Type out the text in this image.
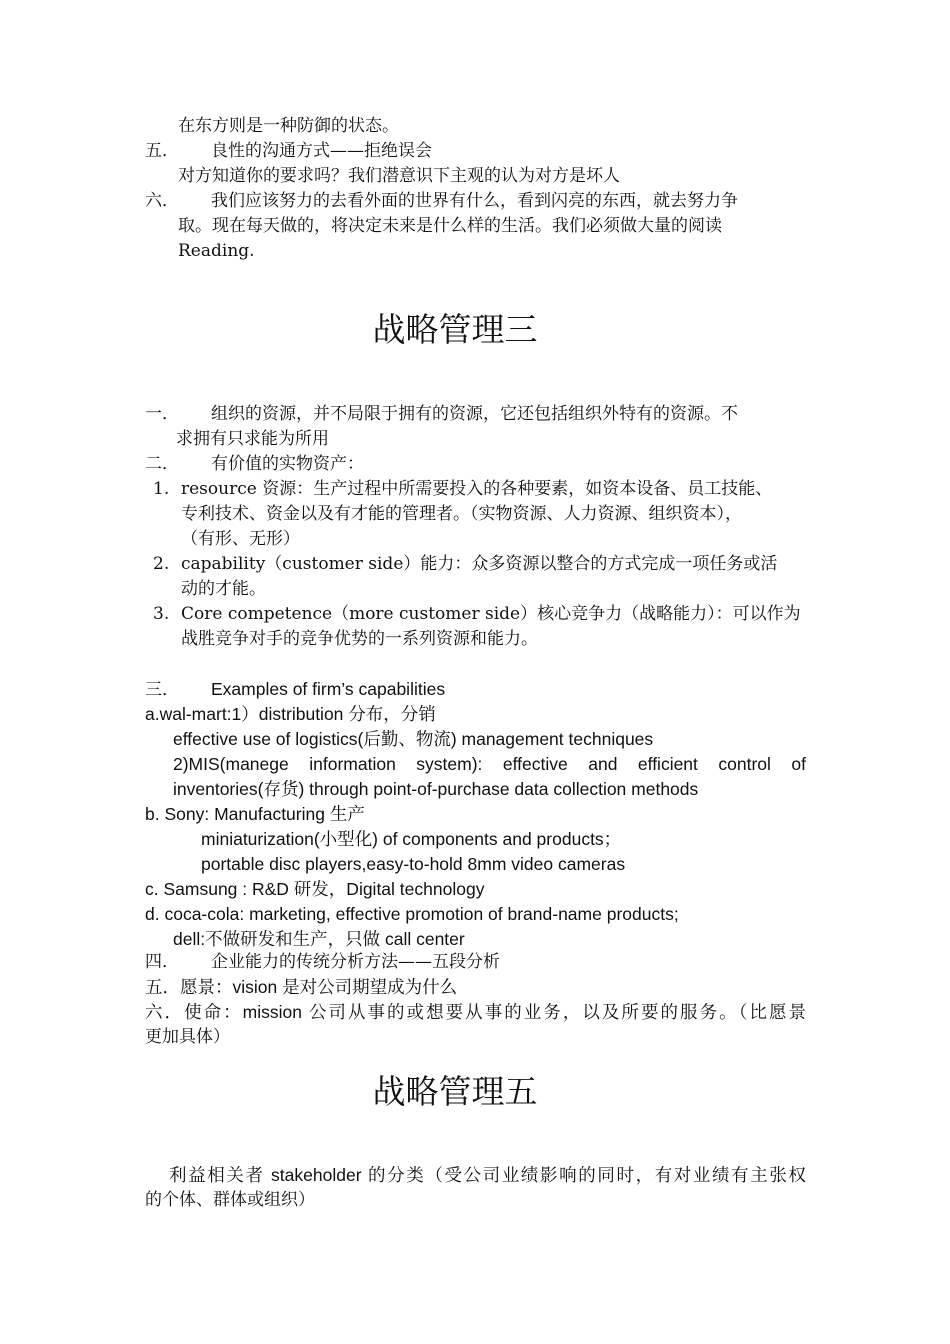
在东方则是一种防御的状态。
五． 良性的沟通方式——拒绝误会
对方知道你的要求吗？我们潜意识下主观的认为对方是坏人
六． 我们应该努力的去看外面的世界有什么，看到闪亮的东西，就去努力争
取。现在每天做的，将决定未来是什么样的生活。我们必须做大量的阅读
Reading.
战略管理三
一． 组织的资源，并不局限于拥有的资源，它还包括组织外特有的资源。不
求拥有只求能为所用
二． 有价值的实物资产：
1. resource 资源：生产过程中所需要投入的各种要素，如资本设备、员工技能、
专利技术、资金以及有才能的管理者。（实物资源、人力资源、组织资本），
（有形、无形）
2. capability（customer side）能力：众多资源以整合的方式完成一项任务或活
动的才能。
3. Core competence（more customer side）核心竞争力（战略能力）：可以作为
战胜竞争对手的竞争优势的一系列资源和能力。
三． Examples of firm’s capabilities
a.wal-mart:1）distribution 分布，分销
effective use of logistics(后勤、物流) management techniques
2)MIS(manege information system): effective and efficient control of
inventories(存货) through point-of-purchase data collection methods
b. Sony: Manufacturing 生产
miniaturization(小型化) of components and products；
portable disc players,easy-to-hold 8mm video cameras
c. Samsung : R&D 研发，Digital technology
d. coca-cola: marketing, effective promotion of brand-name products;
dell:不做研发和生产，只做 call center
四． 企业能力的传统分析方法——五段分析
五．愿景：vision 是对公司期望成为什么
六．使命：mission 公司从事的或想要从事的业务，以及所要的服务。（比愿景
更加具体）
战略管理五
利益相关者 stakeholder 的分类（受公司业绩影响的同时，有对业绩有主张权
的个体、群体或组织）
